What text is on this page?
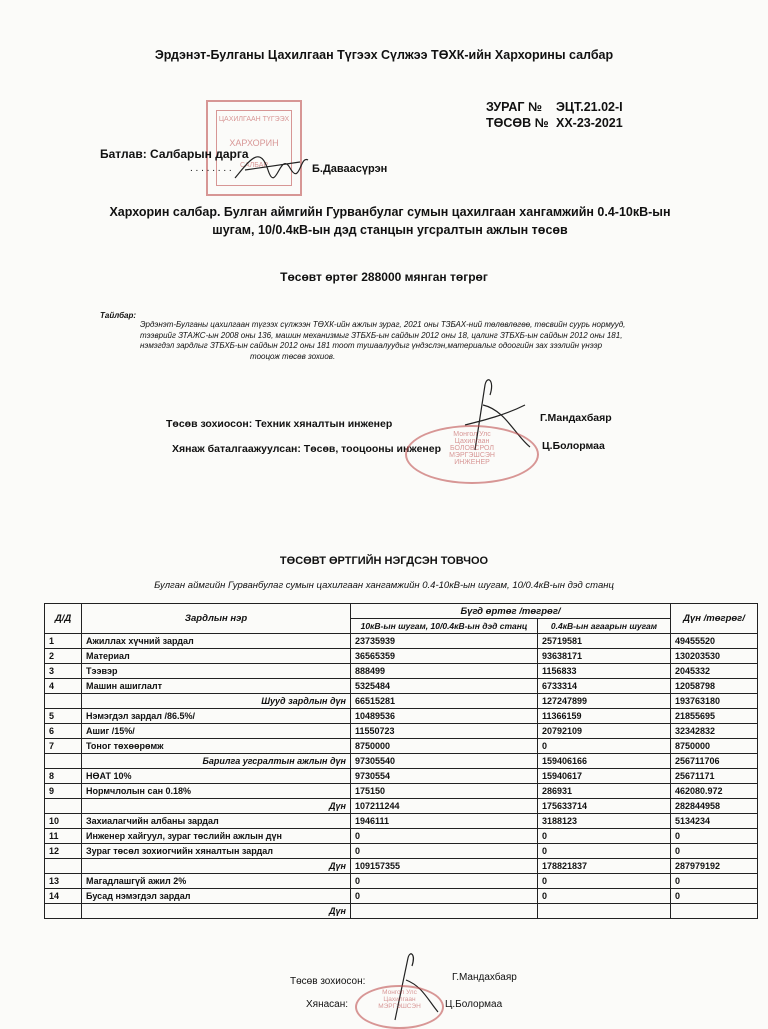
Эрдэнэт-Булганы Цахилгаан Түгээх Сүлжээ ТӨХК-ийн Хархорины салбар
ЗУРАГ № ЭЦТ.21.02-I
ТӨСӨВ № XX-23-2021
ЦАХИЛГААН ТҮГЭЭХ
ХАРХОРИН
САЛБАР
Батлав: Салбарын дарга
. . . . . . . .	Б.Даваасүрэн
Хархорин салбар. Булган аймгийн Гурванбулаг сумын цахилгаан хангамжийн 0.4-10кВ-ын
шугам, 10/0.4кВ-ын дэд станцын угсралтын ажлын төсөв
Төсөвт өртөг 288000 мянган төгрөг
Тайлбар:
Эрдэнэт-Булганы цахилгаан түгээх сүлжээн ТӨХК-ийн ажлын зураг, 2021 оны ТЗБАХ-ний төлөвлөгөө, төсвийн суурь нормууд,
тээврийг ЗТАЖС-ын 2008 оны 136, машин механизмыг ЗТБХБ-ын сайдын 2012 оны 18, цалинг ЗТБХБ-ын сайдын 2012 оны 181,
нэмэгдэл зардлыг ЗТБХБ-ын сайдын 2012 оны 181 тоот тушаалуудыг үндэслэн,материалыг одоогийн зах зээлийн үнээр
тооцож төсөв зохиов.
Төсөв зохиосон: Техник хяналтын инженер	Г.Мандахбаяр
Хянаж баталгаажуулсан: Төсөв, тооцооны инженер	Ц.Болормаа
Монгол Улс
Цахилгаан
БОЛОВСРОЛ
МЭРГЭШСЭН
ИНЖЕНЕР
ТӨСӨВТ ӨРТГИЙН НЭГДСЭН ТОВЧОО
Булган аймгийн Гурванбулаг сумын цахилгаан хангамжийн 0.4-10кВ-ын шугам, 10/0.4кВ-ын дэд станц
Д/Д	Зардлын нэр	Бүгд өртөг /төгрөг/		Дүн /төгрөг/
		10кВ-ын шугам, 10/0.4кВ-ын дэд станц	0.4кВ-ын агаарын шугам	
1	Ажиллах хүчний зардал	23735939	25719581	49455520
2	Материал	36565359	93638171	130203530
3	Тээвэр	888499	1156833	2045332
4	Машин ашиглалт	5325484	6733314	12058798
	Шууд зардлын дүн	66515281	127247899	193763180
5	Нэмэгдэл зардал /86.5%/	10489536	11366159	21855695
6	Ашиг /15%/	11550723	20792109	32342832
7	Тоног төхөөрөмж	8750000	0	8750000
	Барилга угсралтын ажлын дүн	97305540	159406166	256711706
8	НӨАТ 10%	9730554	15940617	25671171
9	Нормчлолын сан 0.18%	175150	286931	462080.972
	Дүн	107211244	175633714	282844958
10	Захиалагчийн албаны зардал	1946111	3188123	5134234
11	Инженер хайгуул, зураг төслийн ажлын дүн	0	0	0
12	Зураг төсөл зохиогчийн хяналтын зардал	0	0	0
	Дүн	109157355	178821837	287979192
13	Магадлашгүй ажил 2%	0	0	0
14	Бусад нэмэгдэл зардал	0	0	0
	Дүн			
Төсөв зохиосон:	Г.Мандахбаяр
Хянасан:	Ц.Болормаа
Монгол Улс
Цахилгаан
МЭРГЭШСЭН
